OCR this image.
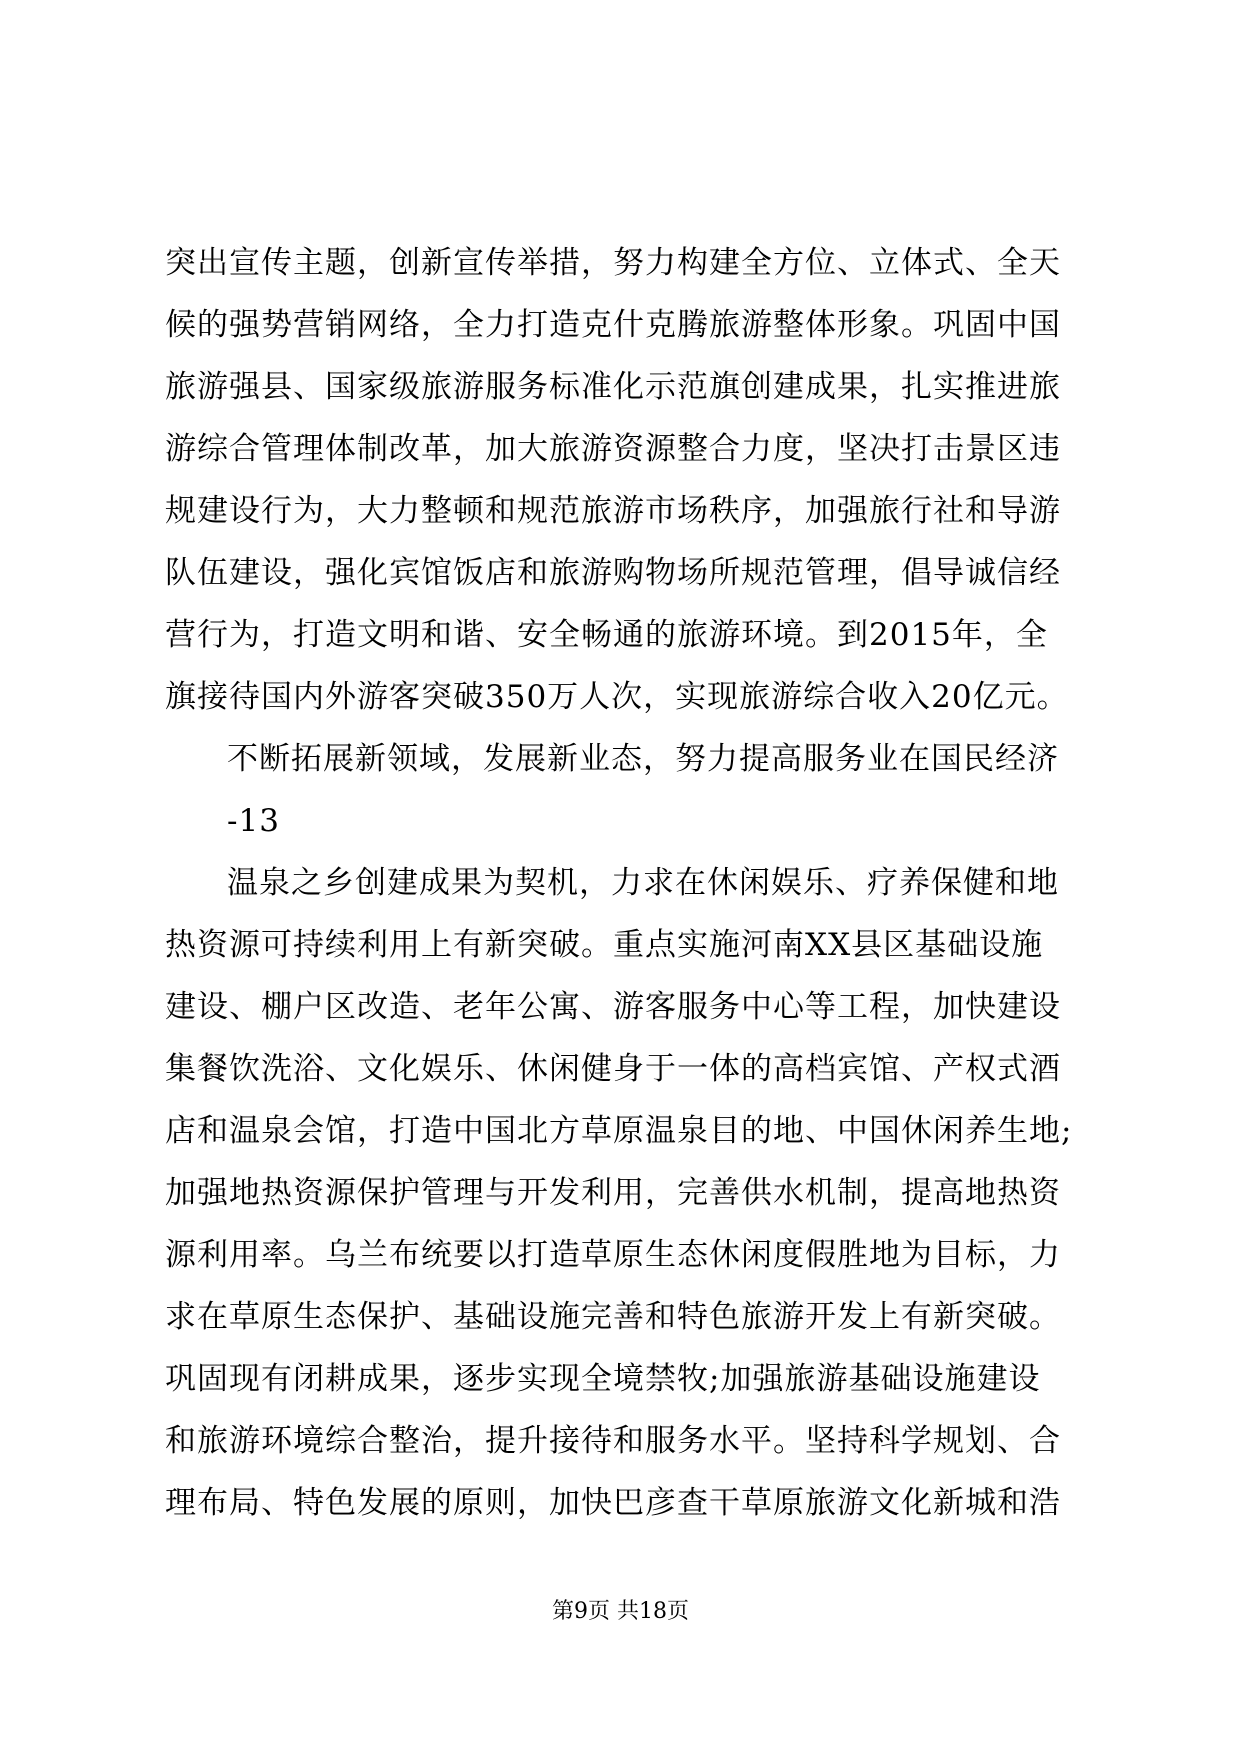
突出宣传主题，创新宣传举措，努力构建全方位、立体式、全天
候的强势营销网络，全力打造克什克腾旅游整体形象。巩固中国
旅游强县、国家级旅游服务标准化示范旗创建成果，扎实推进旅
游综合管理体制改革，加大旅游资源整合力度，坚决打击景区违
规建设行为，大力整顿和规范旅游市场秩序，加强旅行社和导游
队伍建设，强化宾馆饭店和旅游购物场所规范管理，倡导诚信经
营行为，打造文明和谐、安全畅通的旅游环境。到2015年，全
旗接待国内外游客突破350万人次，实现旅游综合收入20亿元。
不断拓展新领域，发展新业态，努力提高服务业在国民经济
-13
温泉之乡创建成果为契机，力求在休闲娱乐、疗养保健和地
热资源可持续利用上有新突破。重点实施河南XX县区基础设施
建设、棚户区改造、老年公寓、游客服务中心等工程，加快建设
集餐饮洗浴、文化娱乐、休闲健身于一体的高档宾馆、产权式酒
店和温泉会馆，打造中国北方草原温泉目的地、中国休闲养生地;
加强地热资源保护管理与开发利用，完善供水机制，提高地热资
源利用率。乌兰布统要以打造草原生态休闲度假胜地为目标，力
求在草原生态保护、基础设施完善和特色旅游开发上有新突破。
巩固现有闭耕成果，逐步实现全境禁牧;加强旅游基础设施建设
和旅游环境综合整治，提升接待和服务水平。坚持科学规划、合
理布局、特色发展的原则，加快巴彦查干草原旅游文化新城和浩
第9页 共18页
